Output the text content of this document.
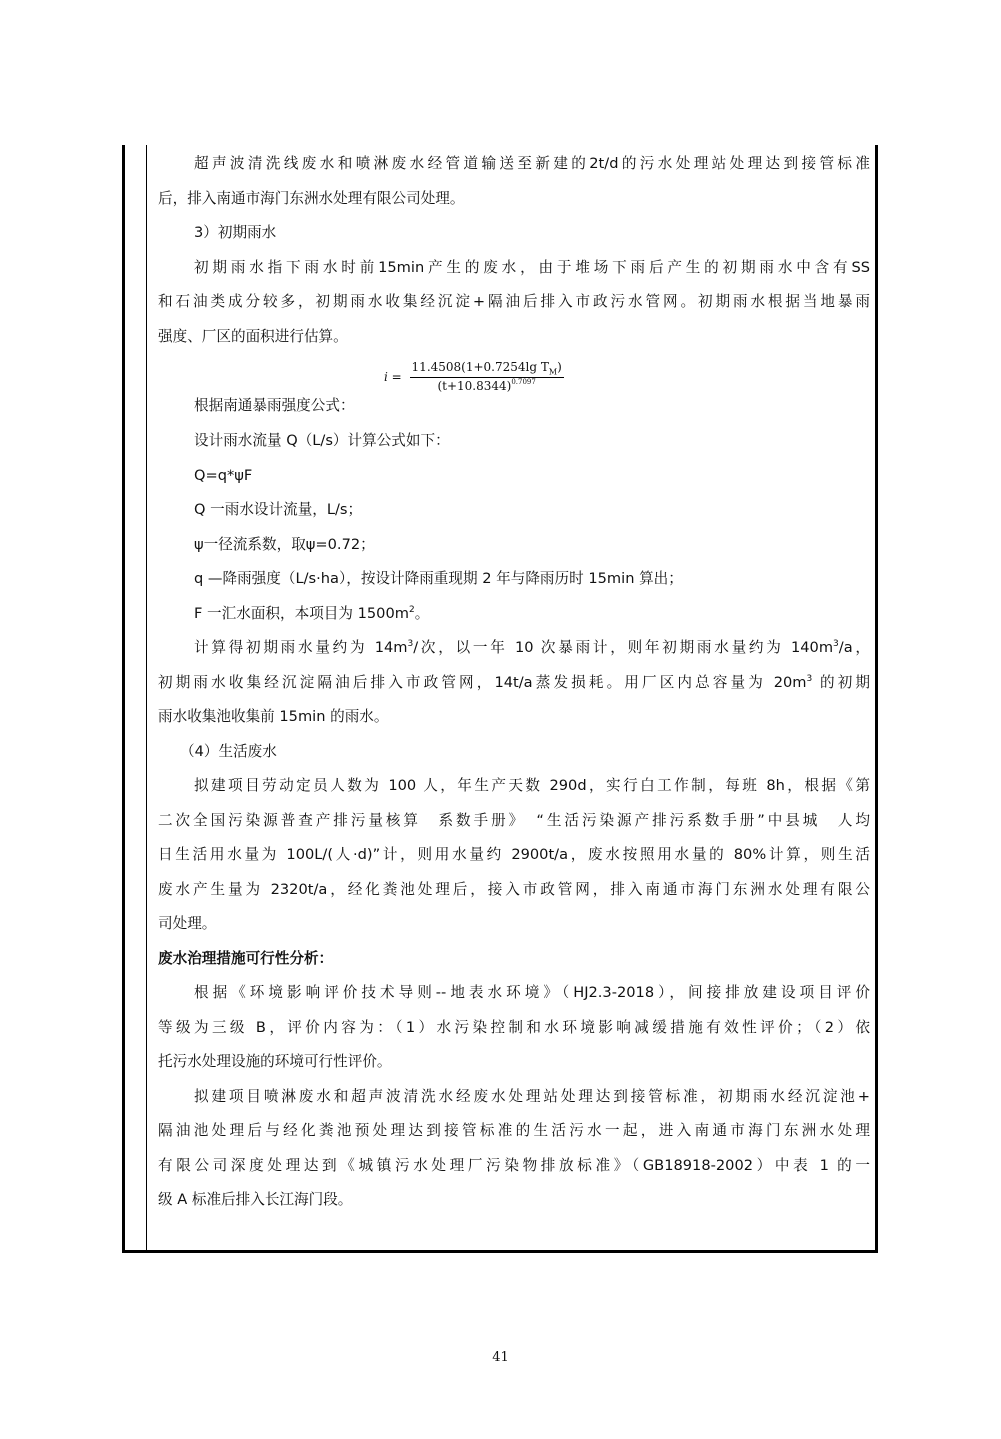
超声波清洗线废水和喷淋废水经管道输送至新建的2t/d的污水处理站处理达到接管标准
后，排入南通市海门东洲水处理有限公司处理。
3）初期雨水
初期雨水指下雨水时前15min产生的废水，由于堆场下雨后产生的初期雨水中含有SS
和石油类成分较多，初期雨水收集经沉淀+隔油后排入市政污水管网。初期雨水根据当地暴雨
强度、厂区的面积进行估算。
根据南通暴雨强度公式：
$i = \frac{11.4508(1+0.7254\lg T_M)}{(t+10.8344)^{0.7097}}$
设计雨水流量 Q（L/s）计算公式如下：
Q=q*ψF
Q 一雨水设计流量，L/s；
ψ一径流系数，取ψ=0.72；
q —降雨强度（L/s·ha），按设计降雨重现期 2 年与降雨历时 15min 算出；
F 一汇水面积，本项目为 $1500m^2$。
计算得初期雨水量约为 $14m^3/$次，以一年 10 次暴雨计，则年初期雨水量约为 $140m^3/a$，
初期雨水收集经沉淀隔油后排入市政管网，14t/a蒸发损耗。用厂区内总容量为 $20m^3$ 的初期
雨水收集池收集前 15min 的雨水。
（4）生活废水
拟建项目劳动定员人数为 100 人，年生产天数 290d，实行白工作制，每班 8h，根据《第
二次全国污染源普查产排污量核算　系数手册》　“生活污染源产排污系数手册”中县城　人均
日生活用水量为 100L/(人·d)”计，则用水量约 2900t/a，废水按照用水量的 80%计算，则生活
废水产生量为 2320t/a，经化粪池处理后，接入市政管网，排入南通市海门东洲水处理有限公
司处理。
废水治理措施可行性分析：
根据《环境影响评价技术导则--地表水环境》（HJ2.3-2018），间接排放建设项目评价
等级为三级 B，评价内容为：（1）水污染控制和水环境影响减缓措施有效性评价；（2）依
托污水处理设施的环境可行性评价。
拟建项目喷淋废水和超声波清洗水经废水处理站处理达到接管标准，初期雨水经沉淀池+
隔油池处理后与经化粪池预处理达到接管标准的生活污水一起，进入南通市海门东洲水处理
有限公司深度处理达到《城镇污水处理厂污染物排放标准》（GB18918-2002）中表 1 的一
级 A 标准后排入长江海门段。
41
